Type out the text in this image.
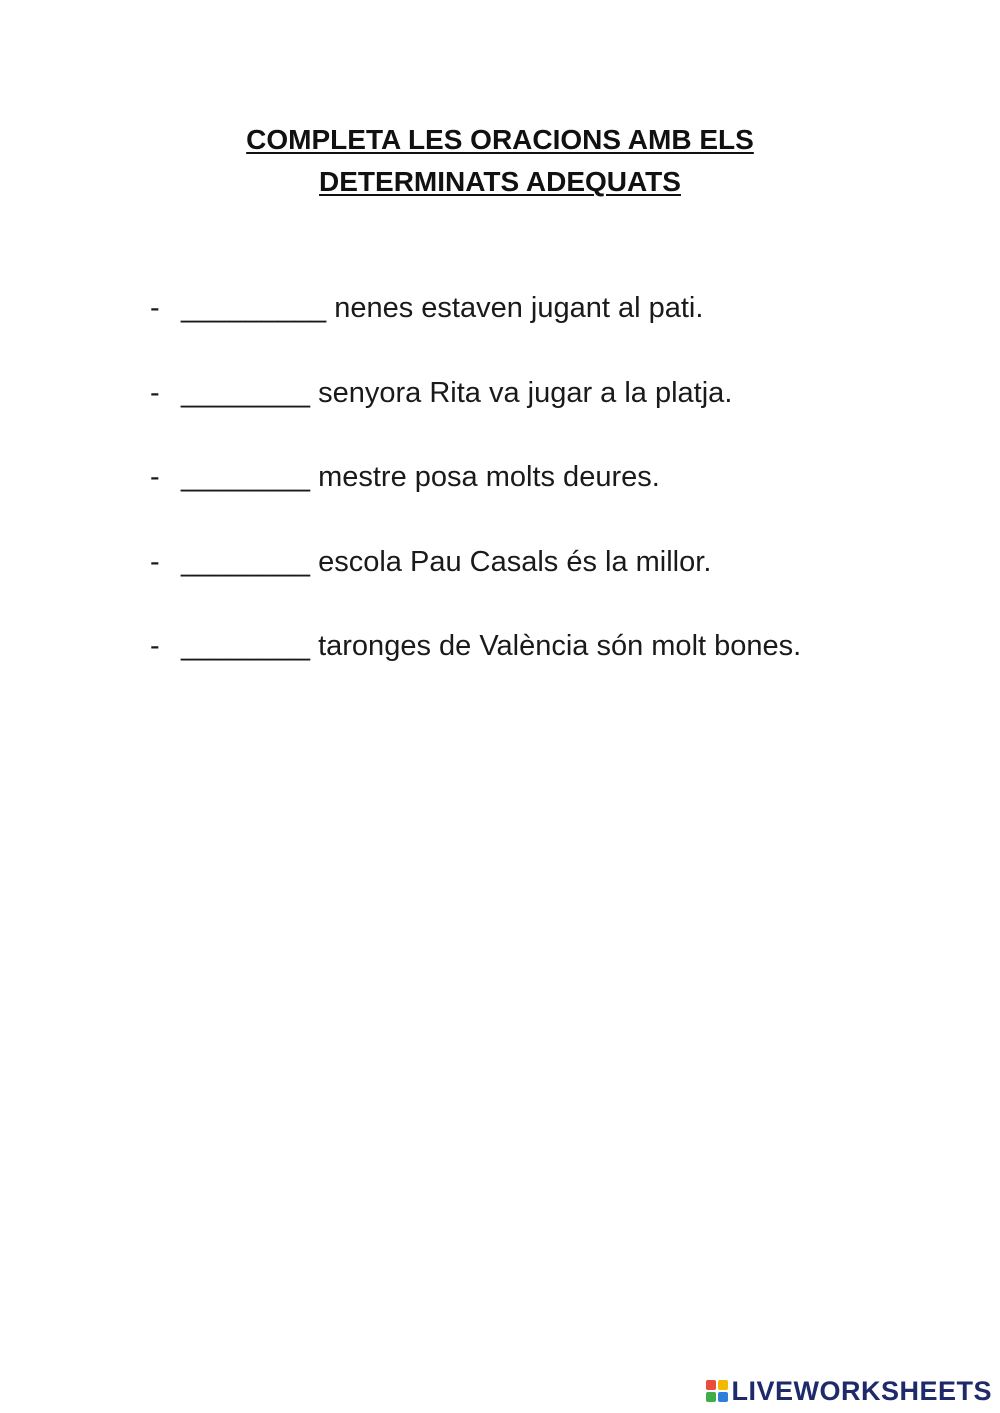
COMPLETA LES ORACIONS AMB ELS
DETERMINATS ADEQUATS
- _________ nenes estaven jugant al pati.
- ________ senyora Rita va jugar a la platja.
- ________ mestre posa molts deures.
- ________ escola Pau Casals és la millor.
- ________ taronges de València són molt bones.
LIVEWORKSHEETS
